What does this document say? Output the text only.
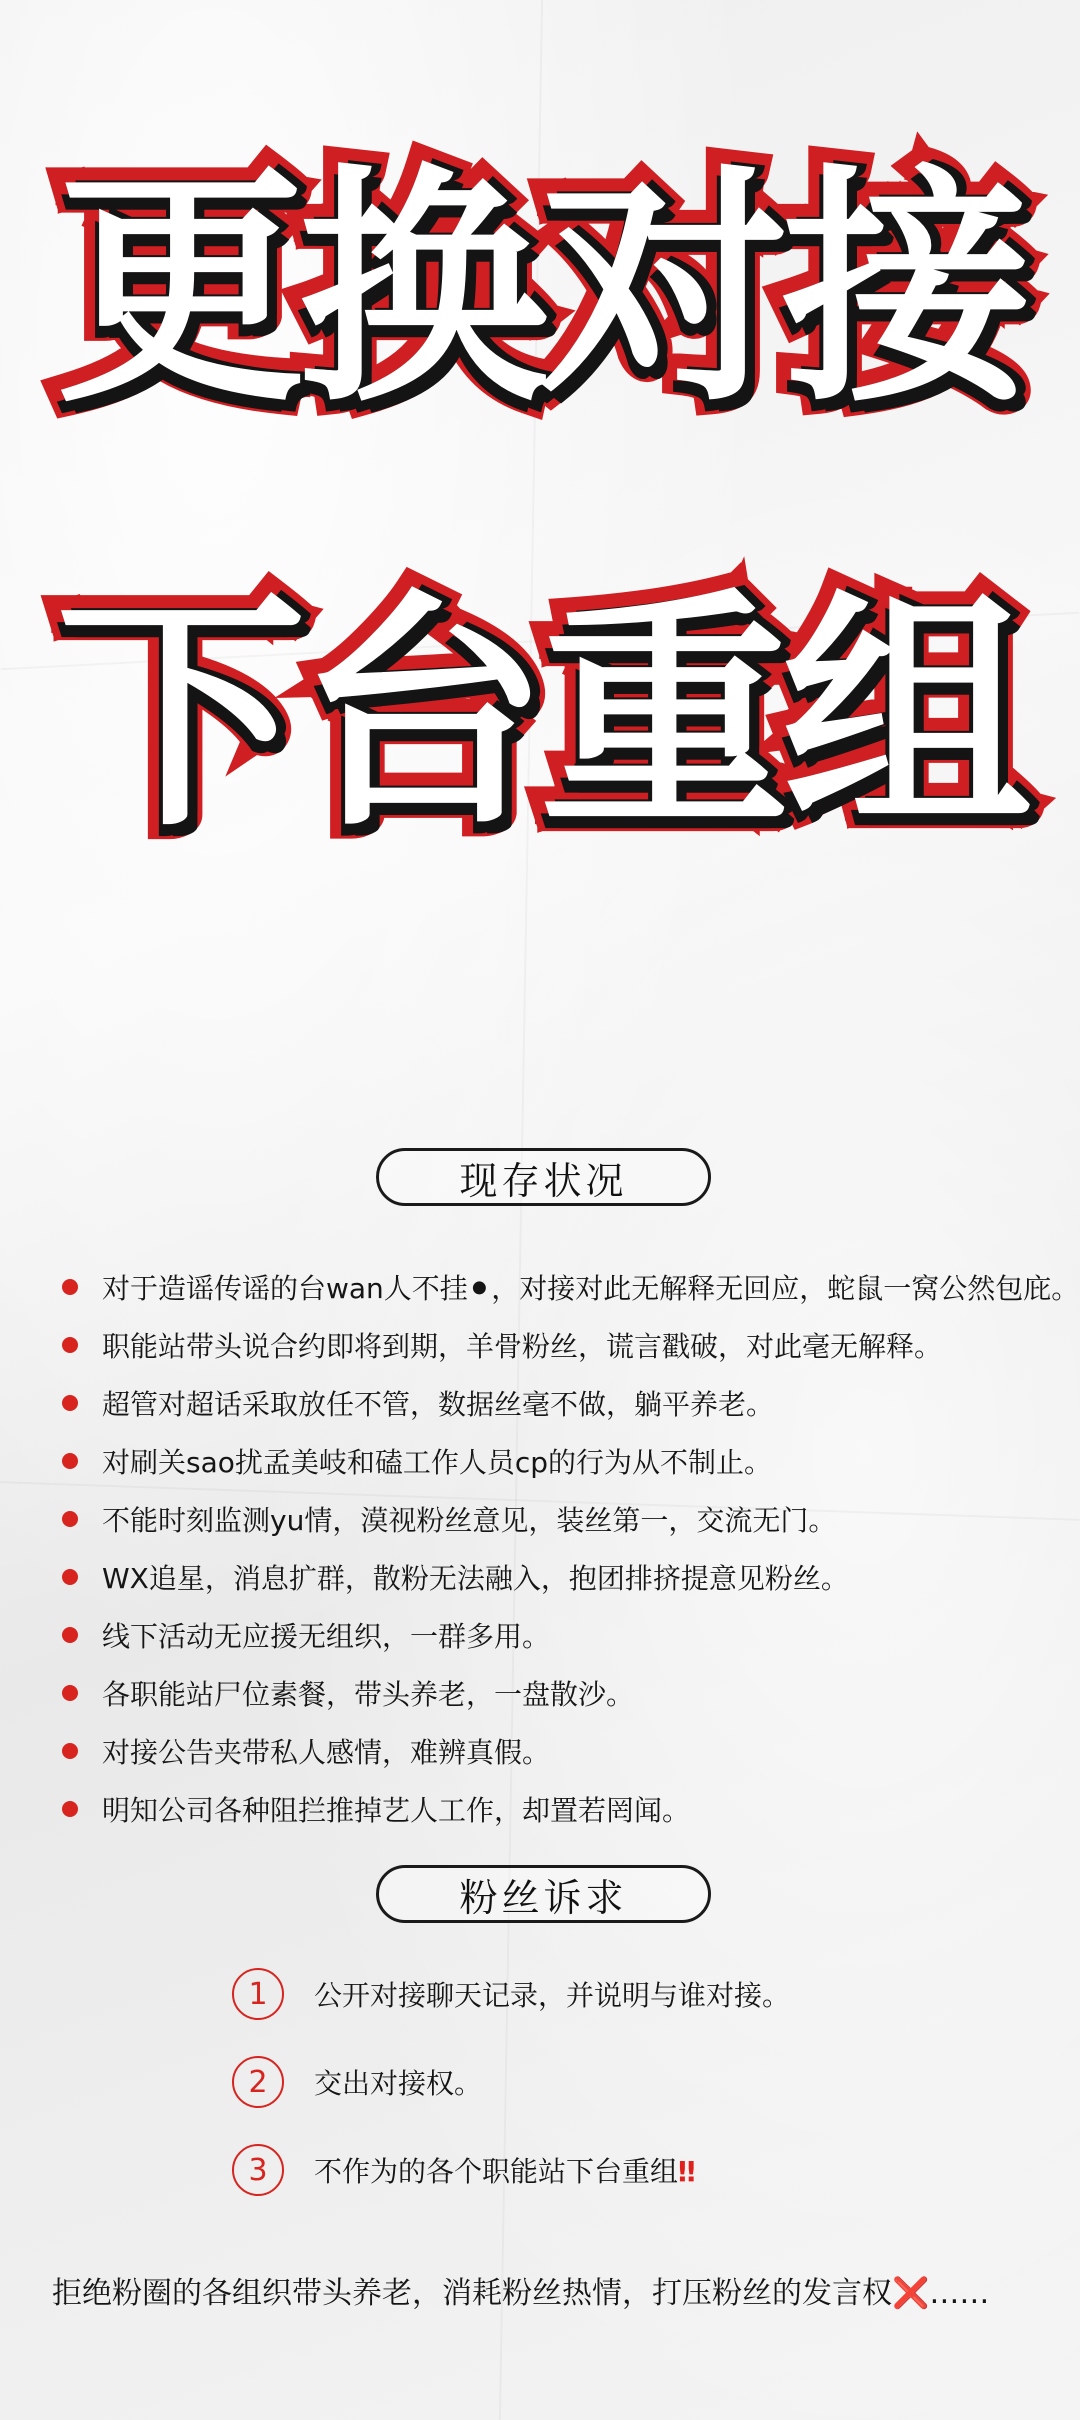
更换对接
下台重组
现存状况
对于造谣传谣的台wan人不挂⚫，对接对此无解释无回应，蛇鼠一窝公然包庇。
职能站带头说合约即将到期，羊骨粉丝，谎言戳破，对此毫无解释。
超管对超话采取放任不管，数据丝毫不做，躺平养老。
对刷关sao扰孟美岐和磕工作人员cp的行为从不制止。
不能时刻监测yu情，漠视粉丝意见，装丝第一，交流无门。
WX追星，消息扩群，散粉无法融入，抱团排挤提意见粉丝。
线下活动无应援无组织，一群多用。
各职能站尸位素餐，带头养老，一盘散沙。
对接公告夹带私人感情，难辨真假。
明知公司各种阻拦推掉艺人工作，却置若罔闻。
粉丝诉求
1	公开对接聊天记录，并说明与谁对接。
2	交出对接权。
3	不作为的各个职能站下台重组‼
拒绝粉圈的各组织带头养老，消耗粉丝热情，打压粉丝的发言权❌……
